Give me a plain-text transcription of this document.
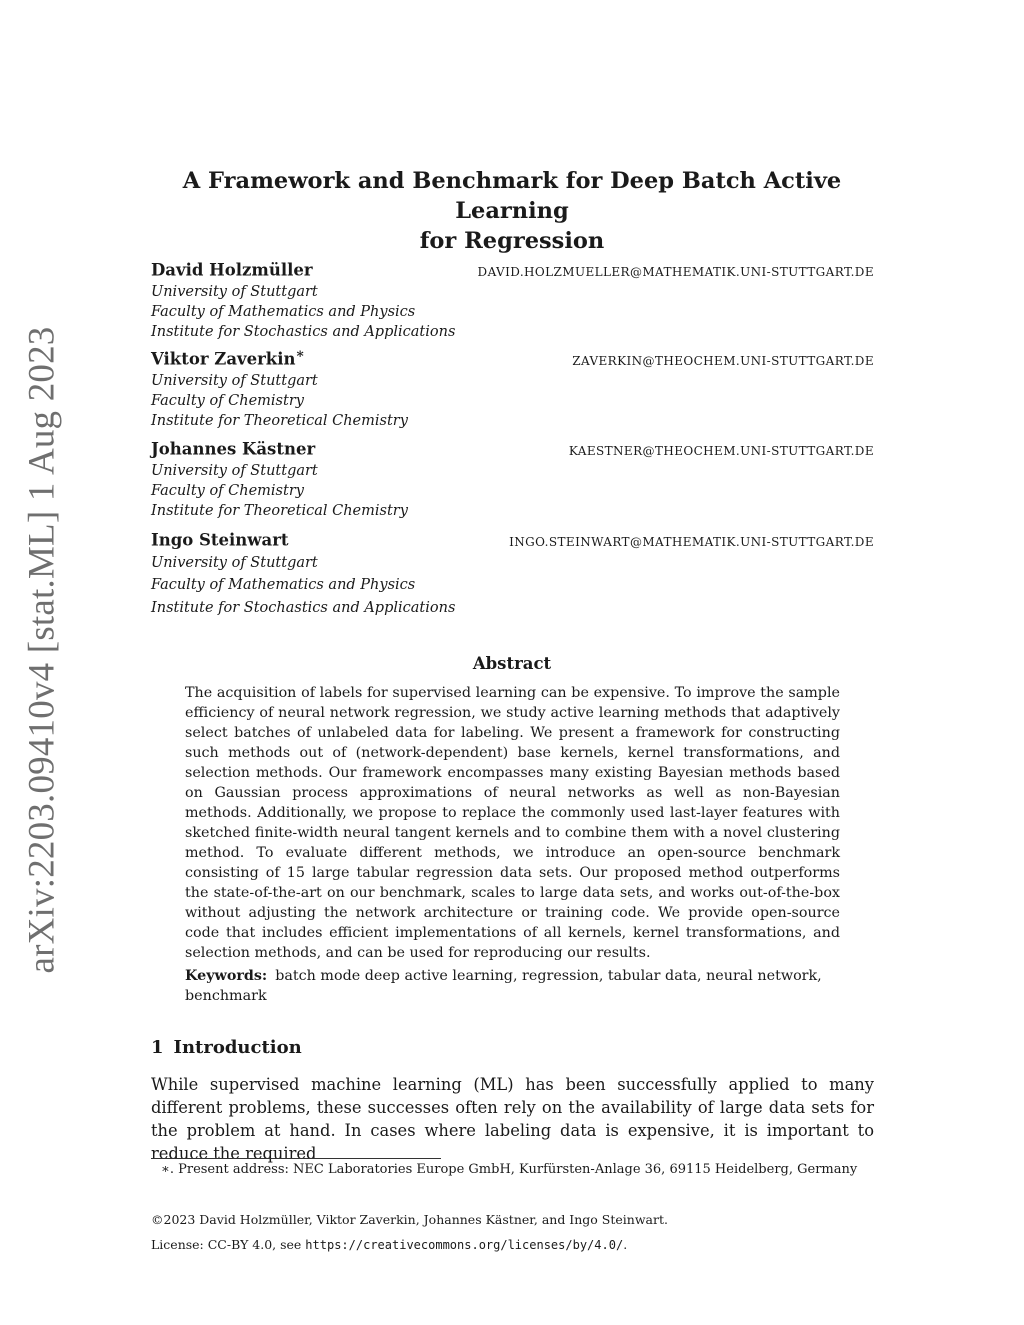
arXiv:2203.09410v4 [stat.ML] 1 Aug 2023
A Framework and Benchmark for Deep Batch Active Learning
for Regression
David Holzmüller	DAVID.HOLZMUELLER@MATHEMATIK.UNI-STUTTGART.DE
University of Stuttgart
Faculty of Mathematics and Physics
Institute for Stochastics and Applications
Viktor Zaverkin∗	ZAVERKIN@THEOCHEM.UNI-STUTTGART.DE
University of Stuttgart
Faculty of Chemistry
Institute for Theoretical Chemistry
Johannes Kästner	KAESTNER@THEOCHEM.UNI-STUTTGART.DE
University of Stuttgart
Faculty of Chemistry
Institute for Theoretical Chemistry
Ingo Steinwart	INGO.STEINWART@MATHEMATIK.UNI-STUTTGART.DE
University of Stuttgart
Faculty of Mathematics and Physics
Institute for Stochastics and Applications
Abstract
The acquisition of labels for supervised learning can be expensive. To improve the sample efficiency of neural network regression, we study active learning methods that adaptively select batches of unlabeled data for labeling. We present a framework for constructing such methods out of (network-dependent) base kernels, kernel transformations, and selection methods. Our framework encompasses many existing Bayesian methods based on Gaussian process approximations of neural networks as well as non-Bayesian methods. Additionally, we propose to replace the commonly used last-layer features with sketched finite-width neural tangent kernels and to combine them with a novel clustering method. To evaluate different methods, we introduce an open-source benchmark consisting of 15 large tabular regression data sets. Our proposed method outperforms the state-of-the-art on our benchmark, scales to large data sets, and works out-of-the-box without adjusting the network architecture or training code. We provide open-source code that includes efficient implementations of all kernels, kernel transformations, and selection methods, and can be used for reproducing our results.
Keywords: batch mode deep active learning, regression, tabular data, neural network, benchmark
1 Introduction
While supervised machine learning (ML) has been successfully applied to many different problems, these successes often rely on the availability of large data sets for the problem at hand. In cases where labeling data is expensive, it is important to reduce the required
∗. Present address: NEC Laboratories Europe GmbH, Kurfürsten-Anlage 36, 69115 Heidelberg, Germany
©2023 David Holzmüller, Viktor Zaverkin, Johannes Kästner, and Ingo Steinwart.
License: CC-BY 4.0, see https://creativecommons.org/licenses/by/4.0/.
